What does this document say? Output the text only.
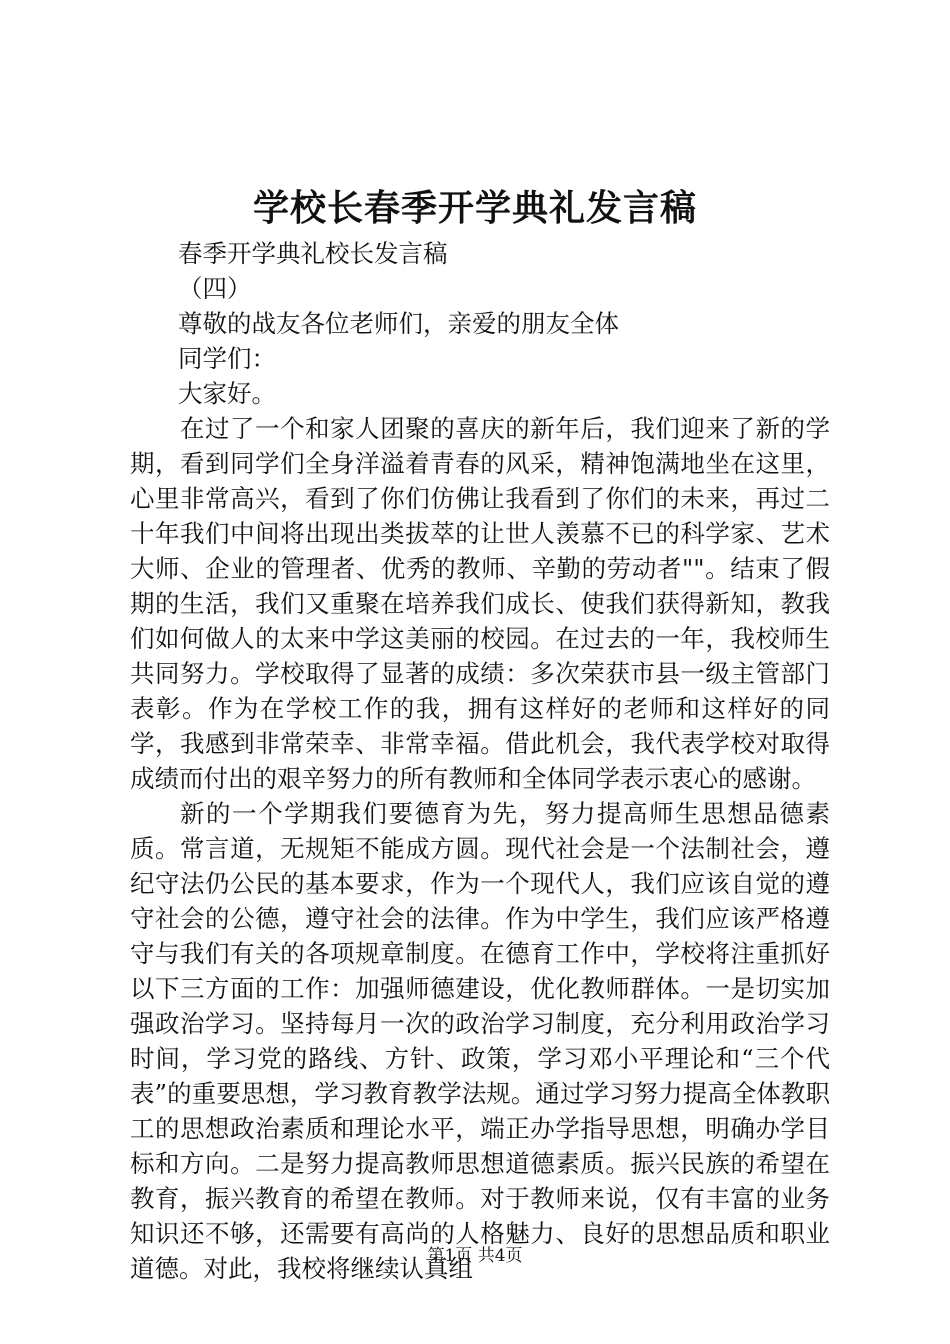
学校长春季开学典礼发言稿

春季开学典礼校长发言稿

（四）

尊敬的战友各位老师们，亲爱的朋友全体

同学们：

大家好。

在过了一个和家人团聚的喜庆的新年后，我们迎来了新的学期，看到同学们全身洋溢着青春的风采，精神饱满地坐在这里，心里非常高兴，看到了你们仿佛让我看到了你们的未来，再过二十年我们中间将出现出类拔萃的让世人羡慕不已的科学家、艺术大师、企业的管理者、优秀的教师、辛勤的劳动者""。结束了假期的生活，我们又重聚在培养我们成长、使我们获得新知，教我们如何做人的太来中学这美丽的校园。在过去的一年，我校师生共同努力。学校取得了显著的成绩：多次荣获市县一级主管部门表彰。作为在学校工作的我，拥有这样好的老师和这样好的同学，我感到非常荣幸、非常幸福。借此机会，我代表学校对取得成绩而付出的艰辛努力的所有教师和全体同学表示衷心的感谢。

新的一个学期我们要德育为先，努力提高师生思想品德素质。常言道，无规矩不能成方圆。现代社会是一个法制社会，遵纪守法仍公民的基本要求，作为一个现代人，我们应该自觉的遵守社会的公德，遵守社会的法律。作为中学生，我们应该严格遵守与我们有关的各项规章制度。在德育工作中，学校将注重抓好以下三方面的工作：加强师德建设，优化教师群体。一是切实加强政治学习。坚持每月一次的政治学习制度，充分利用政治学习时间，学习党的路线、方针、政策，学习邓小平理论和“三个代表”的重要思想，学习教育教学法规。通过学习努力提高全体教职工的思想政治素质和理论水平，端正办学指导思想，明确办学目标和方向。二是努力提高教师思想道德素质。振兴民族的希望在教育，振兴教育的希望在教师。对于教师来说，仅有丰富的业务知识还不够，还需要有高尚的人格魅力、良好的思想品质和职业道德。对此，我校将继续认真组

第1页 共4页
